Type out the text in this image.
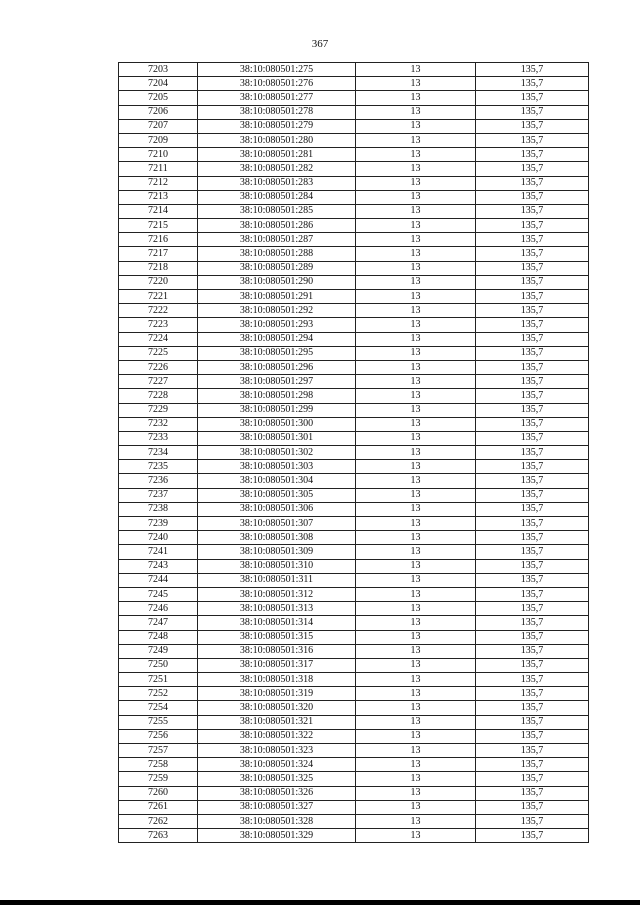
367
7203	38:10:080501:275	13	135,7
7204	38:10:080501:276	13	135,7
7205	38:10:080501:277	13	135,7
7206	38:10:080501:278	13	135,7
7207	38:10:080501:279	13	135,7
7209	38:10:080501:280	13	135,7
7210	38:10:080501:281	13	135,7
7211	38:10:080501:282	13	135,7
7212	38:10:080501:283	13	135,7
7213	38:10:080501:284	13	135,7
7214	38:10:080501:285	13	135,7
7215	38:10:080501:286	13	135,7
7216	38:10:080501:287	13	135,7
7217	38:10:080501:288	13	135,7
7218	38:10:080501:289	13	135,7
7220	38:10:080501:290	13	135,7
7221	38:10:080501:291	13	135,7
7222	38:10:080501:292	13	135,7
7223	38:10:080501:293	13	135,7
7224	38:10:080501:294	13	135,7
7225	38:10:080501:295	13	135,7
7226	38:10:080501:296	13	135,7
7227	38:10:080501:297	13	135,7
7228	38:10:080501:298	13	135,7
7229	38:10:080501:299	13	135,7
7232	38:10:080501:300	13	135,7
7233	38:10:080501:301	13	135,7
7234	38:10:080501:302	13	135,7
7235	38:10:080501:303	13	135,7
7236	38:10:080501:304	13	135,7
7237	38:10:080501:305	13	135,7
7238	38:10:080501:306	13	135,7
7239	38:10:080501:307	13	135,7
7240	38:10:080501:308	13	135,7
7241	38:10:080501:309	13	135,7
7243	38:10:080501:310	13	135,7
7244	38:10:080501:311	13	135,7
7245	38:10:080501:312	13	135,7
7246	38:10:080501:313	13	135,7
7247	38:10:080501:314	13	135,7
7248	38:10:080501:315	13	135,7
7249	38:10:080501:316	13	135,7
7250	38:10:080501:317	13	135,7
7251	38:10:080501:318	13	135,7
7252	38:10:080501:319	13	135,7
7254	38:10:080501:320	13	135,7
7255	38:10:080501:321	13	135,7
7256	38:10:080501:322	13	135,7
7257	38:10:080501:323	13	135,7
7258	38:10:080501:324	13	135,7
7259	38:10:080501:325	13	135,7
7260	38:10:080501:326	13	135,7
7261	38:10:080501:327	13	135,7
7262	38:10:080501:328	13	135,7
7263	38:10:080501:329	13	135,7
